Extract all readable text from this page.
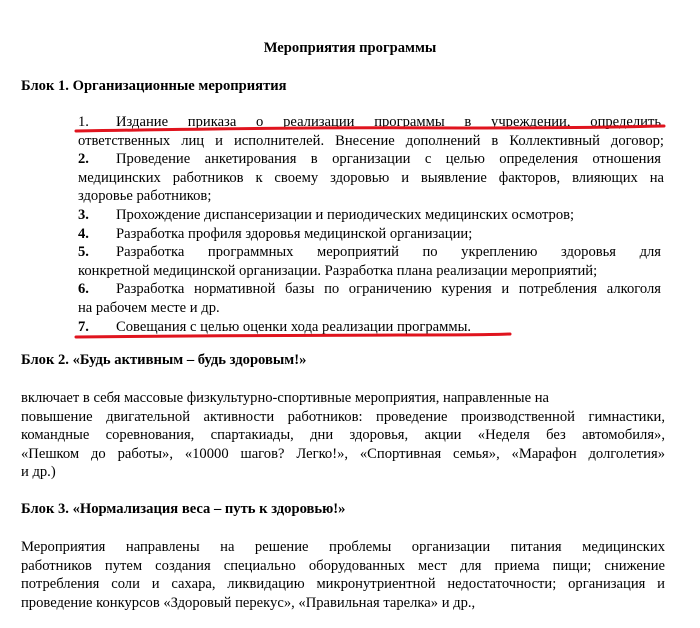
Мероприятия программы
Блок 1. Организационные мероприятия
1. Издание приказа о реализации программы в учреждении, определить
ответственных лиц и исполнителей. Внесение дополнений в Коллективный договор;
2. Проведение анкетирования в организации с целью определения отношения
медицинских работников к своему здоровью и выявление факторов, влияющих на
здоровье работников;
3. Прохождение диспансеризации и периодических медицинских осмотров;
4. Разработка профиля здоровья медицинской организации;
5. Разработка программных мероприятий по укреплению здоровья для
конкретной медицинской организации. Разработка плана реализации мероприятий;
6. Разработка нормативной базы по ограничению курения и потребления алкоголя
на рабочем месте и др.
7. Совещания с целью оценки хода реализации программы.
Блок 2. «Будь активным – будь здоровым!»
включает в себя массовые физкультурно-спортивные мероприятия, направленные на
повышение двигательной активности работников: проведение производственной гимнастики,
командные соревнования, спартакиады, дни здоровья, акции «Неделя без автомобиля»,
«Пешком до работы», «10000 шагов? Легко!», «Спортивная семья», «Марафон долголетия»
и др.)
Блок 3. «Нормализация веса – путь к здоровью!»
Мероприятия направлены на решение проблемы организации питания медицинских
работников путем создания специально оборудованных мест для приема пищи; снижение
потребления соли и сахара, ликвидацию микронутриентной недостаточности; организация и
проведение конкурсов «Здоровый перекус», «Правильная тарелка» и др.,
